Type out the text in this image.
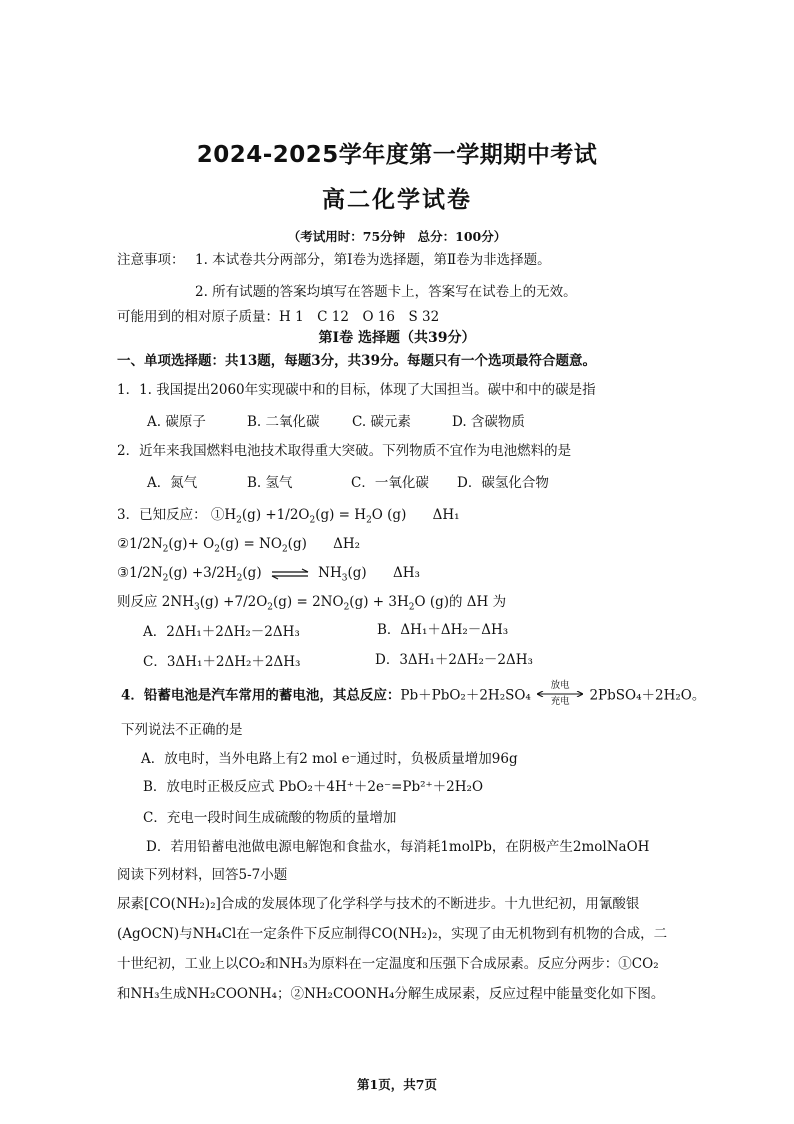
2024-2025学年度第一学期期中考试
高二化学试卷
（考试用时：75分钟　总分：100分）
注意事项： 1. 本试卷共分两部分，第Ⅰ卷为选择题，第Ⅱ卷为非选择题。
2. 所有试题的答案均填写在答题卡上，答案写在试卷上的无效。
可能用到的相对原子质量：H 1　C 12　O 16　S 32
第Ⅰ卷 选择题（共39分）
一、单项选择题：共13题，每题3分，共39分。每题只有一个选项最符合题意。
1．1. 我国提出2060年实现碳中和的目标，体现了大国担当。碳中和中的碳是指
A. 碳原子	B. 二氧化碳 C. 碳元素	D. 含碳物质
2．近年来我国燃料电池技术取得重大突破。下列物质不宜作为电池燃料的是
A．氮气	B. 氢气	C．一氧化碳 D．碳氢化合物
3．已知反应： $①H_2(g) +1/2O_2(g) = H_2O$ (g) ΔH₁
$②1/2N_2(g)+ O_2(g) = NO_2(g)$ ΔH₂
$③1/2N_2(g) +3/2H_2(g)$ ⇌ $NH_3(g)$ ΔH₃
则反应 $2NH_3(g) +7/2O_2(g) = 2NO_2(g) + 3H_2O$ (g)的 ΔH 为
A．2ΔH₁＋2ΔH₂－2ΔH₃	B．ΔH₁＋ΔH₂－ΔH₃
C．3ΔH₁＋2ΔH₂＋2ΔH₃	D．3ΔH₁＋2ΔH₂－2ΔH₃
4．铅蓄电池是汽车常用的蓄电池，其总反应：Pb＋PbO₂＋2H₂SO₄
放电
充电	2PbSO₄＋2H₂O。
下列说法不正确的是
A．放电时，当外电路上有2 mol e⁻通过时，负极质量增加96g
B．放电时正极反应式 PbO₂＋4H⁺＋2e⁻=Pb²⁺＋2H₂O
C．充电一段时间生成硫酸的物质的量增加
D．若用铅蓄电池做电源电解饱和食盐水，每消耗1molPb，在阴极产生2molNaOH
阅读下列材料，回答5-7小题
尿素[CO(NH₂)₂]合成的发展体现了化学科学与技术的不断进步。十九世纪初，用氰酸银
(AgOCN)与NH₄Cl在一定条件下反应制得CO(NH₂)₂，实现了由无机物到有机物的合成，二
十世纪初，工业上以CO₂和NH₃为原料在一定温度和压强下合成尿素。反应分两步：①CO₂
和NH₃生成NH₂COONH₄；②NH₂COONH₄分解生成尿素，反应过程中能量变化如下图。
第1页，共7页
